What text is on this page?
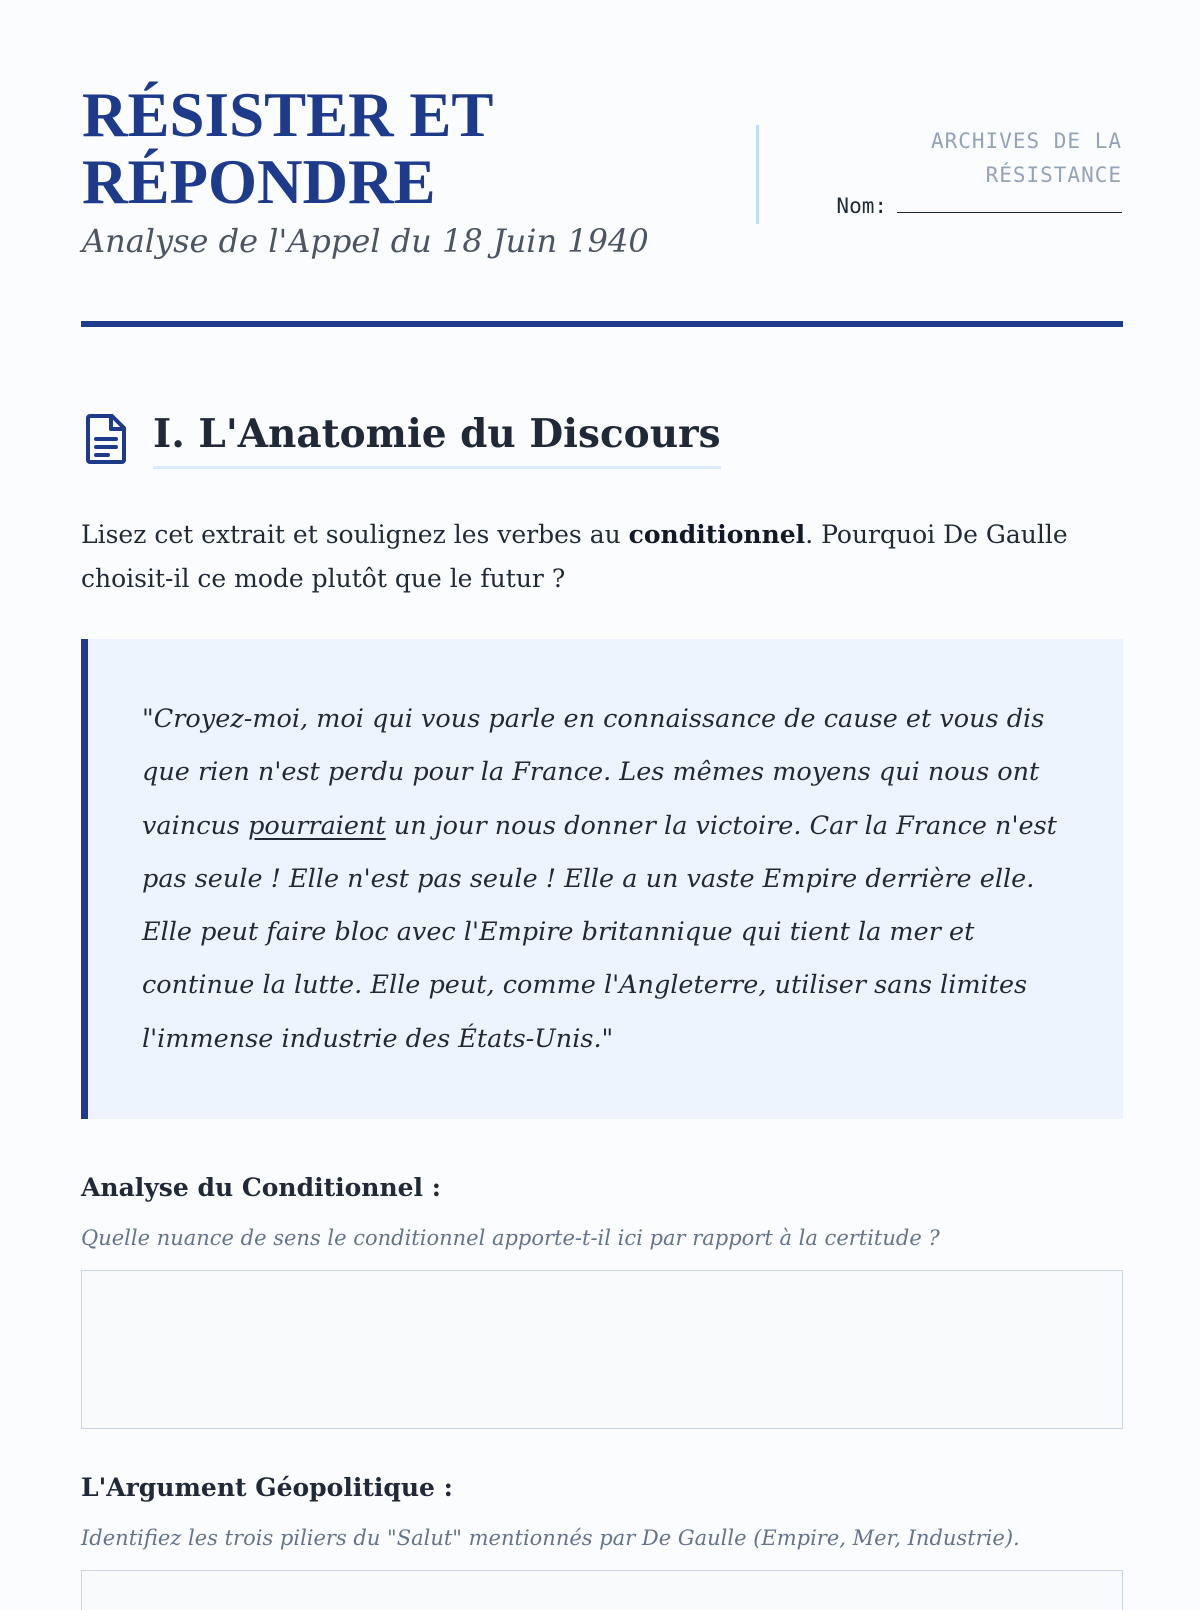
RÉSISTER ET
RÉPONDRE

Analyse de l'Appel du 18 Juin 1940

ARCHIVES DE LA
RÉSISTANCE
Nom:
I. L'Anatomie du Discours

Lisez cet extrait et soulignez les verbes au conditionnel. Pourquoi De Gaulle choisit-il ce mode plutôt que le futur ?

"Croyez-moi, moi qui vous parle en connaissance de cause et vous dis que rien n'est perdu pour la France. Les mêmes moyens qui nous ont vaincus pourraient un jour nous donner la victoire. Car la France n'est pas seule ! Elle n'est pas seule ! Elle a un vaste Empire derrière elle. Elle peut faire bloc avec l'Empire britannique qui tient la mer et continue la lutte. Elle peut, comme l'Angleterre, utiliser sans limites l'immense industrie des États-Unis."

Analyse du Conditionnel :

Quelle nuance de sens le conditionnel apporte-t-il ici par rapport à la certitude ?

L'Argument Géopolitique :

Identifiez les trois piliers du "Salut" mentionnés par De Gaulle (Empire, Mer, Industrie).
